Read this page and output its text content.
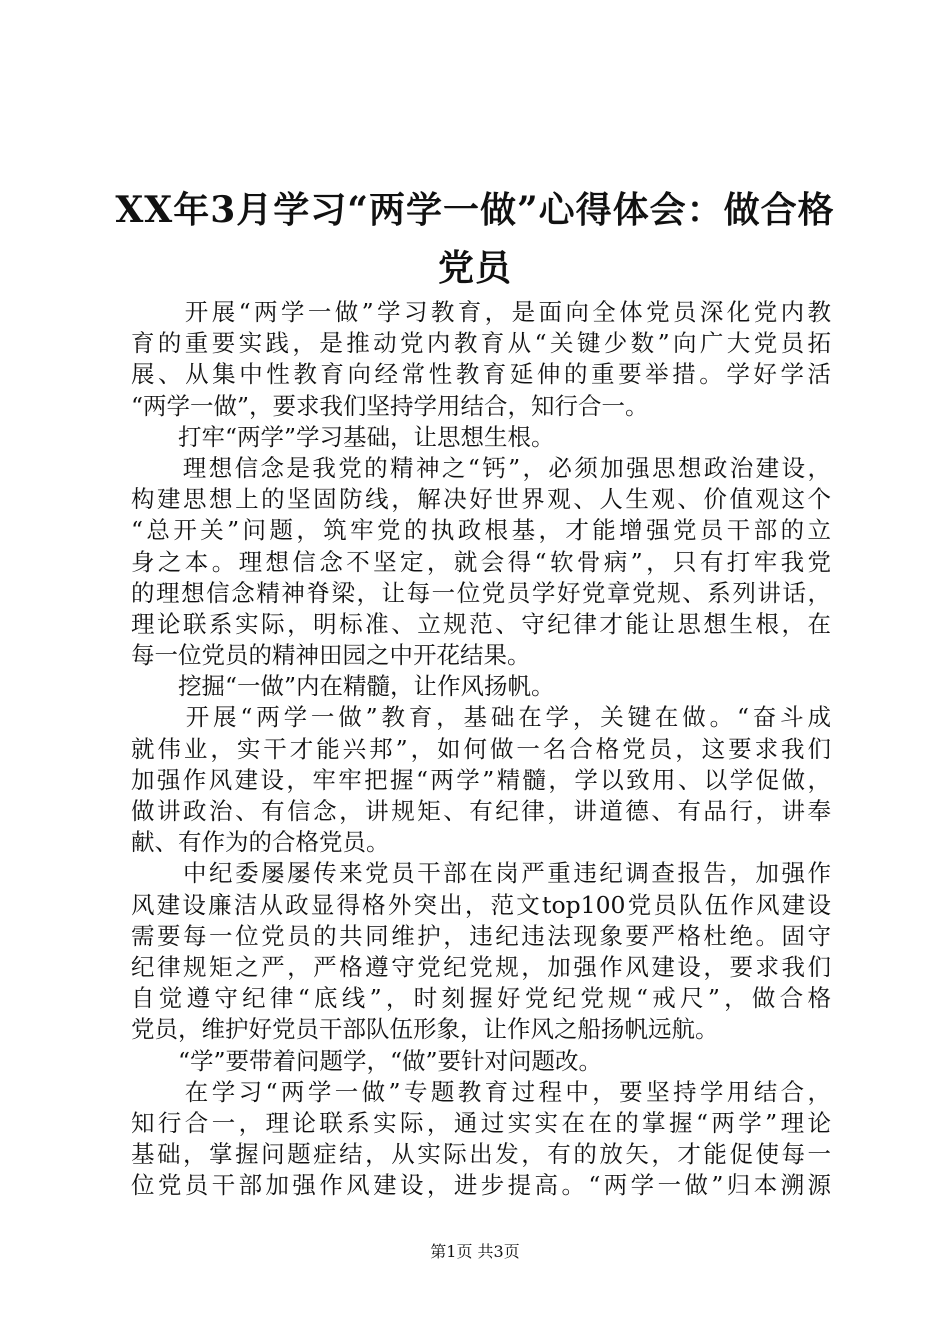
XX年3月学习“两学一做”心得体会：做合格
党员
　　开展“两学一做”学习教育，是面向全体党员深化党内教
育的重要实践，是推动党内教育从“关键少数”向广大党员拓
展、从集中性教育向经常性教育延伸的重要举措。学好学活
“两学一做”，要求我们坚持学用结合，知行合一。
　　打牢“两学”学习基础，让思想生根。
　　理想信念是我党的精神之“钙”，必须加强思想政治建设，
构建思想上的坚固防线，解决好世界观、人生观、价值观这个
“总开关”问题，筑牢党的执政根基，才能增强党员干部的立
身之本。理想信念不坚定，就会得“软骨病”，只有打牢我党
的理想信念精神脊梁，让每一位党员学好党章党规、系列讲话，
理论联系实际，明标准、立规范、守纪律才能让思想生根，在
每一位党员的精神田园之中开花结果。
　　挖掘“一做”内在精髓，让作风扬帆。
　　开展“两学一做”教育，基础在学，关键在做。“奋斗成
就伟业，实干才能兴邦”，如何做一名合格党员，这要求我们
加强作风建设，牢牢把握“两学”精髓，学以致用、以学促做，
做讲政治、有信念，讲规矩、有纪律，讲道德、有品行，讲奉
献、有作为的合格党员。
　　中纪委屡屡传来党员干部在岗严重违纪调查报告，加强作
风建设廉洁从政显得格外突出，范文top100党员队伍作风建设
需要每一位党员的共同维护，违纪违法现象要严格杜绝。固守
纪律规矩之严，严格遵守党纪党规，加强作风建设，要求我们
自觉遵守纪律“底线”，时刻握好党纪党规“戒尺”，做合格
党员，维护好党员干部队伍形象，让作风之船扬帆远航。
　　“学”要带着问题学，“做”要针对问题改。
　　在学习“两学一做”专题教育过程中，要坚持学用结合，
知行合一，理论联系实际，通过实实在在的掌握“两学”理论
基础，掌握问题症结，从实际出发，有的放矢，才能促使每一
位党员干部加强作风建设，进步提高。“两学一做”归本溯源
第1页 共3页
